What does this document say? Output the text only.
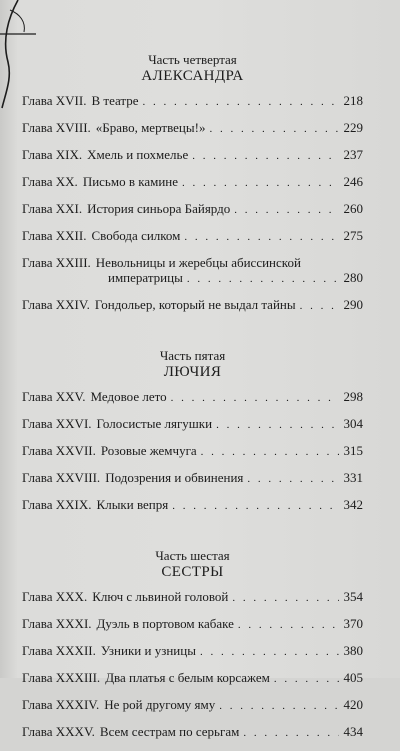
Часть четвертая
АЛЕКСАНДРА
Глава XVII. В театре . . .	218
Глава XVIII. «Браво, мертвецы!» . . .	229
Глава XIX. Хмель и похмелье . . .	237
Глава XX. Письмо в камине . . .	246
Глава XXI. История синьора Байярдо . . .	260
Глава XXII. Свобода силком . . .	275
Глава XXIII. Невольницы и жеребцы абиссинской
императрицы . . .	280
Глава XXIV. Гондольер, который не выдал тайны . . .	290
Часть пятая
ЛЮЧИЯ
Глава XXV. Медовое лето . . .	298
Глава XXVI. Голосистые лягушки . . .	304
Глава XXVII. Розовые жемчуга . . .	315
Глава XXVIII. Подозрения и обвинения . . .	331
Глава XXIX. Клыки вепря . . .	342
Часть шестая
СЕСТРЫ
Глава XXX. Ключ с львиной головой . . .	354
Глава XXXI. Дуэль в портовом кабаке . . .	370
Глава XXXII. Узники и узницы . . .	380
Глава XXXIII. Два платья с белым корсажем . . .	405
Глава XXXIV. Не рой другому яму . . .	420
Глава XXXV. Всем сестрам по серьгам . . .	434
